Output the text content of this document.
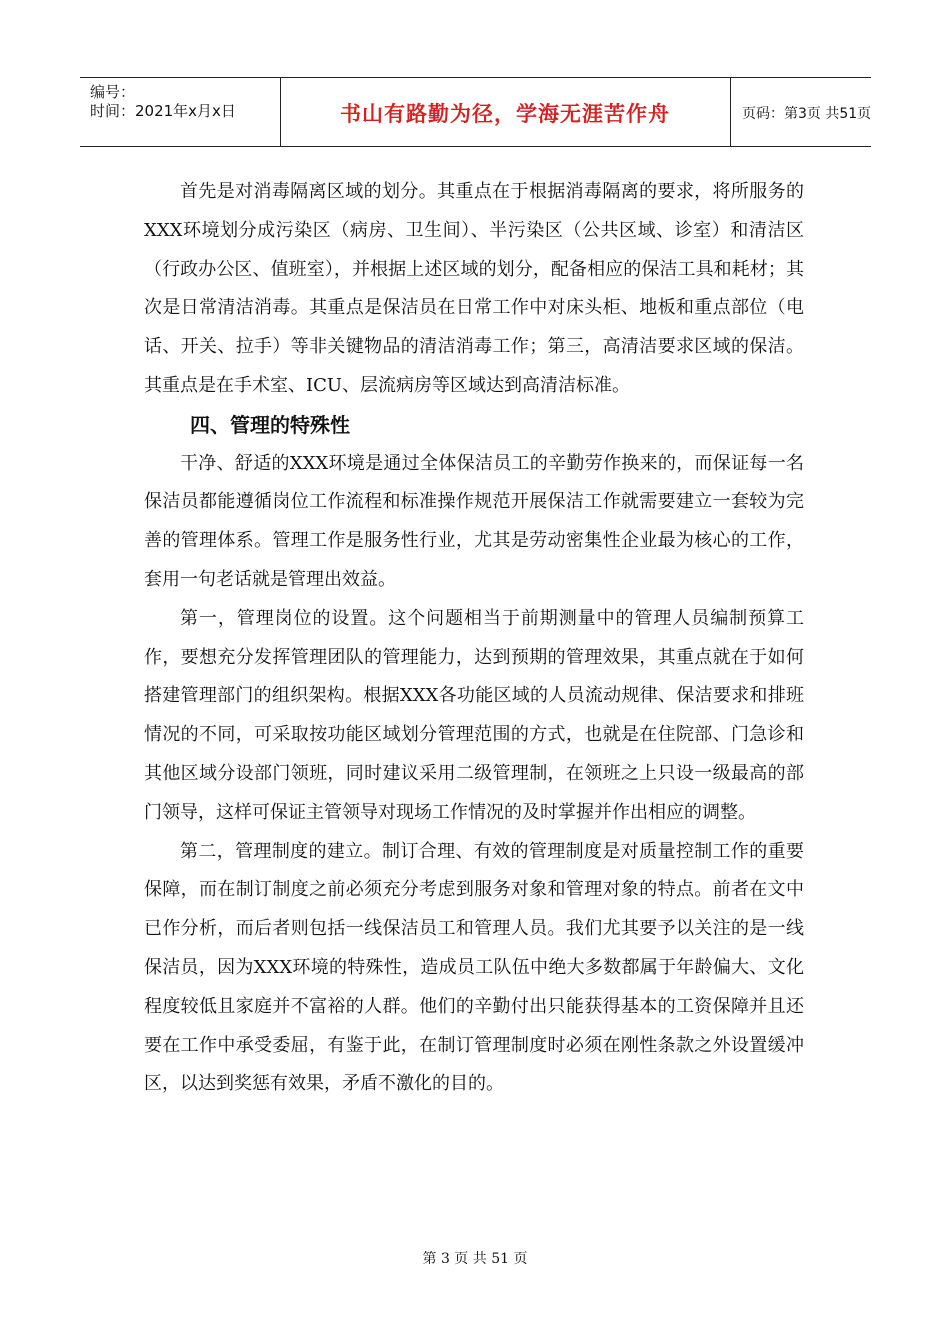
编号：
时间：2021年x月x日	书山有路勤为径，学海无涯苦作舟	页码：第3页 共51页

首先是对消毒隔离区域的划分。其重点在于根据消毒隔离的要求，将所服务的XXX环境划分成污染区（病房、卫生间）、半污染区（公共区域、诊室）和清洁区（行政办公区、值班室），并根据上述区域的划分，配备相应的保洁工具和耗材；其次是日常清洁消毒。其重点是保洁员在日常工作中对床头柜、地板和重点部位（电话、开关、拉手）等非关键物品的清洁消毒工作；第三，高清洁要求区域的保洁。其重点是在手术室、ICU、层流病房等区域达到高清洁标准。

四、管理的特殊性

干净、舒适的XXX环境是通过全体保洁员工的辛勤劳作换来的，而保证每一名保洁员都能遵循岗位工作流程和标准操作规范开展保洁工作就需要建立一套较为完善的管理体系。管理工作是服务性行业，尤其是劳动密集性企业最为核心的工作，套用一句老话就是管理出效益。

第一，管理岗位的设置。这个问题相当于前期测量中的管理人员编制预算工作，要想充分发挥管理团队的管理能力，达到预期的管理效果，其重点就在于如何搭建管理部门的组织架构。根据XXX各功能区域的人员流动规律、保洁要求和排班情况的不同，可采取按功能区域划分管理范围的方式，也就是在住院部、门急诊和其他区域分设部门领班，同时建议采用二级管理制，在领班之上只设一级最高的部门领导，这样可保证主管领导对现场工作情况的及时掌握并作出相应的调整。

第二，管理制度的建立。制订合理、有效的管理制度是对质量控制工作的重要保障，而在制订制度之前必须充分考虑到服务对象和管理对象的特点。前者在文中已作分析，而后者则包括一线保洁员工和管理人员。我们尤其要予以关注的是一线保洁员，因为XXX环境的特殊性，造成员工队伍中绝大多数都属于年龄偏大、文化程度较低且家庭并不富裕的人群。他们的辛勤付出只能获得基本的工资保障并且还要在工作中承受委屈，有鉴于此，在制订管理制度时必须在刚性条款之外设置缓冲区，以达到奖惩有效果，矛盾不激化的目的。

第 3 页 共 51 页
